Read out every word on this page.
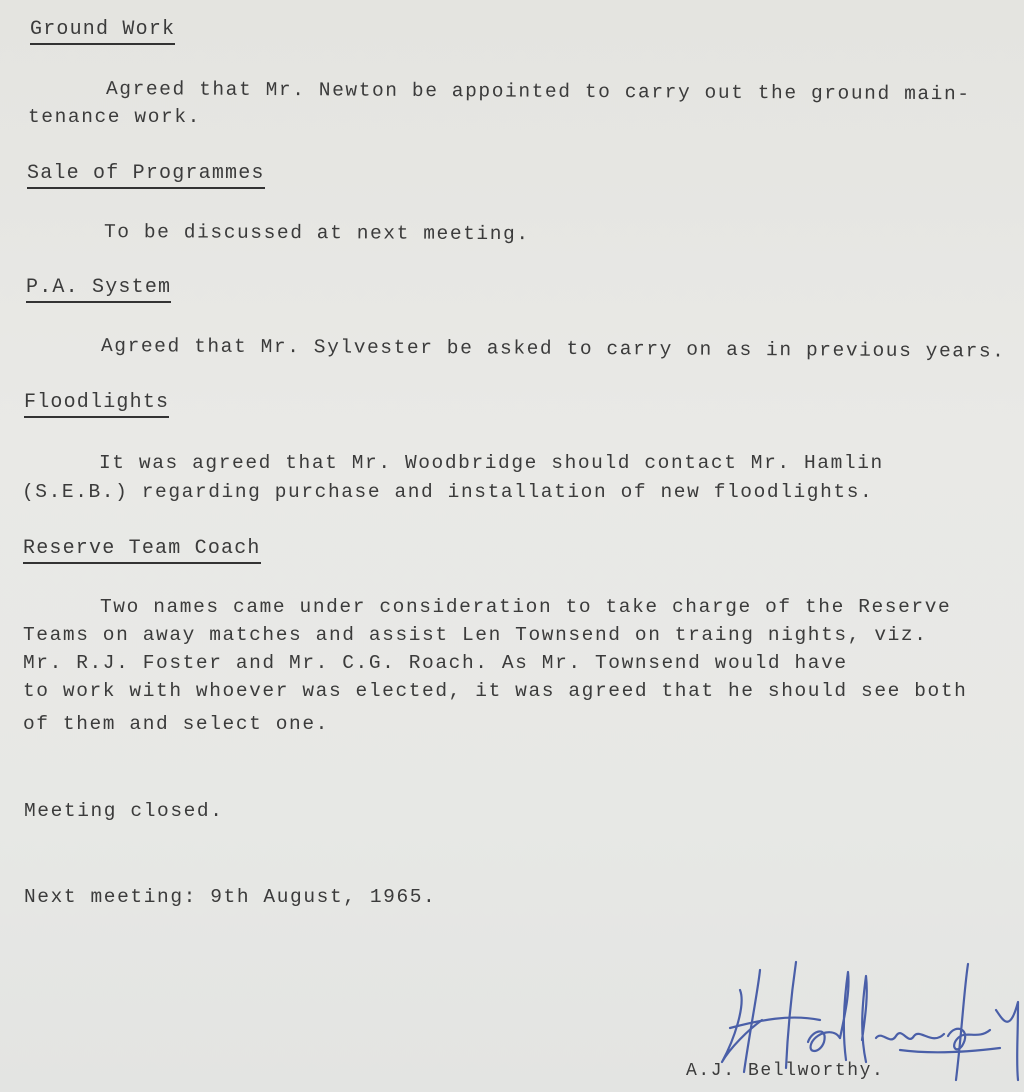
Ground Work
Agreed that Mr. Newton be appointed to carry out the ground main-
tenance work.
Sale of Programmes
To be discussed at next meeting.
P.A. System
Agreed that Mr. Sylvester be asked to carry on as in previous years.
Floodlights
It was agreed that Mr. Woodbridge should contact Mr. Hamlin
(S.E.B.) regarding purchase and installation of new floodlights.
Reserve Team Coach
Two names came under consideration to take charge of the Reserve
Teams on away matches and assist Len Townsend on traing nights, viz.
Mr. R.J. Foster and Mr. C.G. Roach. As Mr. Townsend would have
to work with whoever was elected, it was agreed that he should see both
of them and select one.
Meeting closed.
Next meeting: 9th August, 1965.
A.J. Bellworthy.
